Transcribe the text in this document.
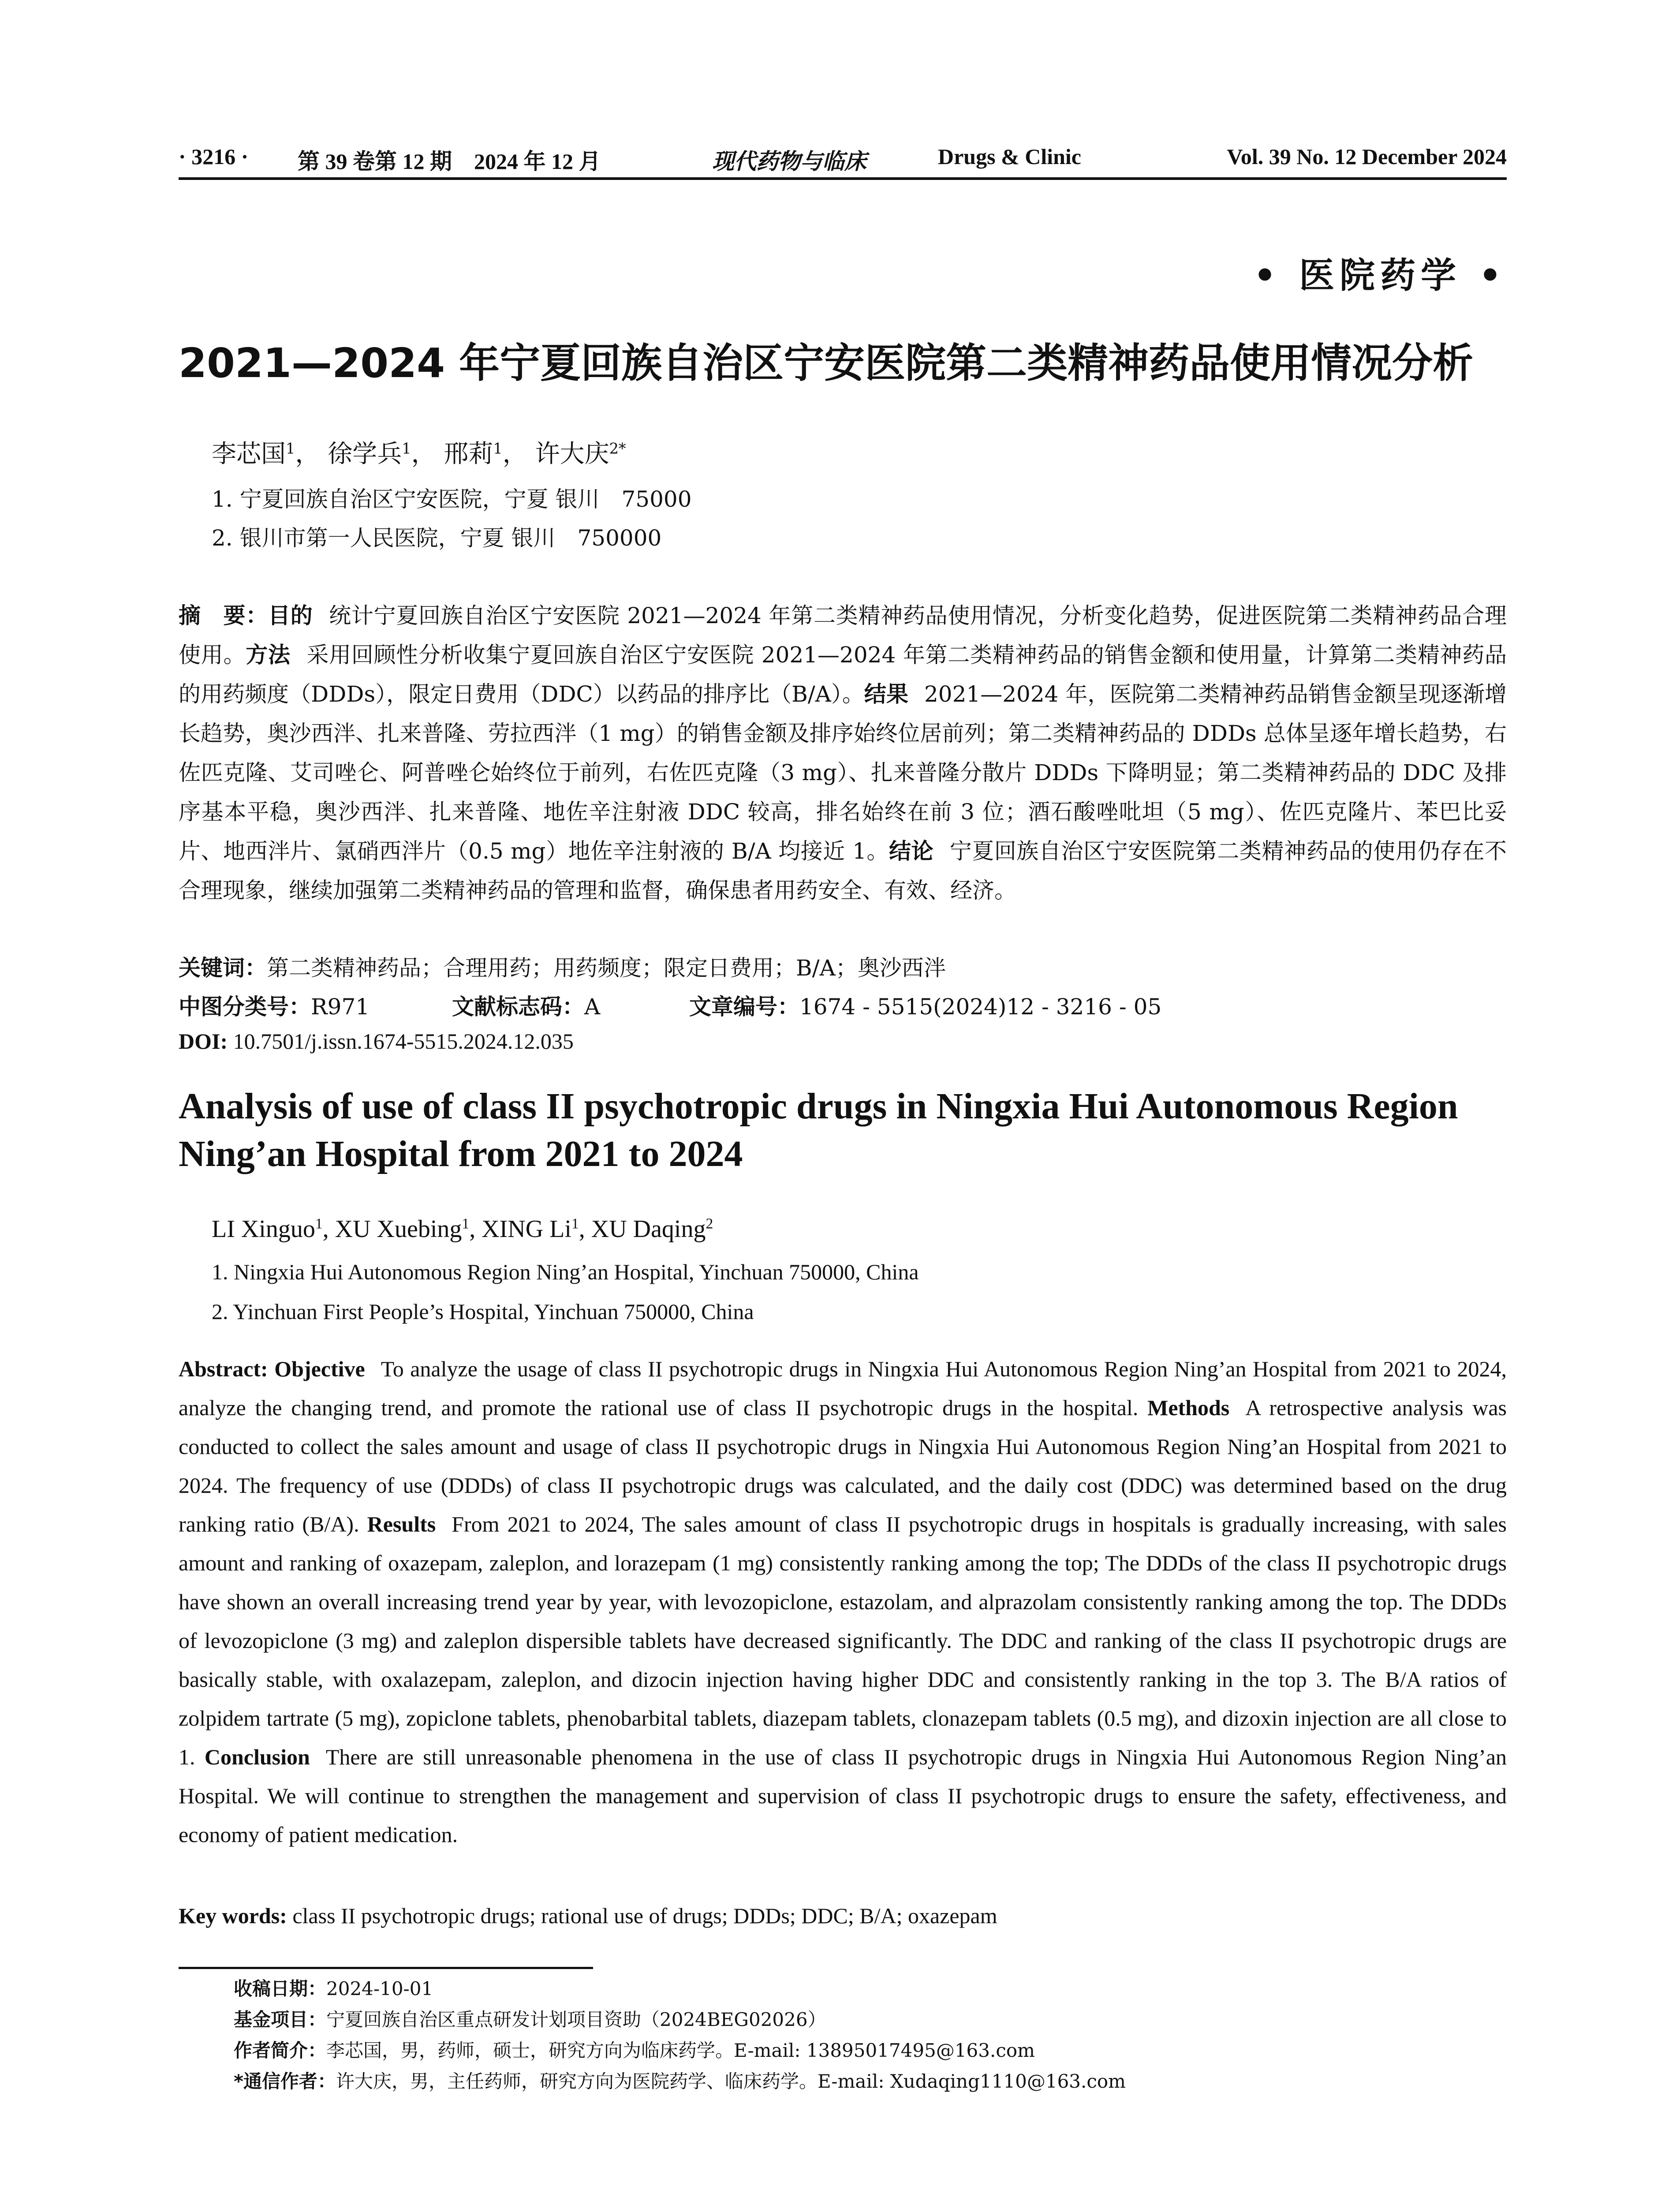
· 3216 · 第 39 卷第 12 期　2024 年 12 月	现代药物与临床	Drugs & Clinic	Vol. 39 No. 12 December 2024
• 医院药学 •
2021—2024 年宁夏回族自治区宁安医院第二类精神药品使用情况分析
李芯国$^1$， 徐学兵$^1$， 邢莉$^1$， 许大庆$^{2*}$
1. 宁夏回族自治区宁安医院，宁夏 银川　75000
2. 银川市第一人民医院，宁夏 银川　750000

摘　要：目的 统计宁夏回族自治区宁安医院 2021—2024 年第二类精神药品使用情况，分析变化趋势，促进医院第二类精神药品合理使用。方法 采用回顾性分析收集宁夏回族自治区宁安医院 2021—2024 年第二类精神药品的销售金额和使用量，计算第二类精神药品的用药频度（DDDs），限定日费用（DDC）以药品的排序比（B/A）。结果 2021—2024 年，医院第二类精神药品销售金额呈现逐渐增长趋势，奥沙西泮、扎来普隆、劳拉西泮（1 mg）的销售金额及排序始终位居前列；第二类精神药品的 DDDs 总体呈逐年增长趋势，右佐匹克隆、艾司唑仑、阿普唑仑始终位于前列，右佐匹克隆（3 mg）、扎来普隆分散片 DDDs 下降明显；第二类精神药品的 DDC 及排序基本平稳，奥沙西泮、扎来普隆、地佐辛注射液 DDC 较高，排名始终在前 3 位；酒石酸唑吡坦（5 mg）、佐匹克隆片、苯巴比妥片、地西泮片、氯硝西泮片（0.5 mg）地佐辛注射液的 B/A 均接近 1。结论 宁夏回族自治区宁安医院第二类精神药品的使用仍存在不合理现象，继续加强第二类精神药品的管理和监督，确保患者用药安全、有效、经济。

关键词：第二类精神药品；合理用药；用药频度；限定日费用；B/A；奥沙西泮
中图分类号：R971	文献标志码：A	文章编号：1674 - 5515(2024)12 - 3216 - 05
DOI: 10.7501/j.issn.1674-5515.2024.12.035
Analysis of use of class II psychotropic drugs in Ningxia Hui Autonomous Region Ning’an Hospital from 2021 to 2024
LI Xinguo$^1$, XU Xuebing$^1$, XING Li$^1$, XU Daqing$^2$
1. Ningxia Hui Autonomous Region Ning’an Hospital, Yinchuan 750000, China
2. Yinchuan First People’s Hospital, Yinchuan 750000, China

Abstract: Objective To analyze the usage of class II psychotropic drugs in Ningxia Hui Autonomous Region Ning’an Hospital from 2021 to 2024, analyze the changing trend, and promote the rational use of class II psychotropic drugs in the hospital. Methods A retrospective analysis was conducted to collect the sales amount and usage of class II psychotropic drugs in Ningxia Hui Autonomous Region Ning’an Hospital from 2021 to 2024. The frequency of use (DDDs) of class II psychotropic drugs was calculated, and the daily cost (DDC) was determined based on the drug ranking ratio (B/A). Results From 2021 to 2024, The sales amount of class II psychotropic drugs in hospitals is gradually increasing, with sales amount and ranking of oxazepam, zaleplon, and lorazepam (1 mg) consistently ranking among the top; The DDDs of the class II psychotropic drugs have shown an overall increasing trend year by year, with levozopiclone, estazolam, and alprazolam consistently ranking among the top. The DDDs of levozopiclone (3 mg) and zaleplon dispersible tablets have decreased significantly. The DDC and ranking of the class II psychotropic drugs are basically stable, with oxalazepam, zaleplon, and dizocin injection having higher DDC and consistently ranking in the top 3. The B/A ratios of zolpidem tartrate (5 mg), zopiclone tablets, phenobarbital tablets, diazepam tablets, clonazepam tablets (0.5 mg), and dizoxin injection are all close to 1. Conclusion There are still unreasonable phenomena in the use of class II psychotropic drugs in Ningxia Hui Autonomous Region Ning’an Hospital. We will continue to strengthen the management and supervision of class II psychotropic drugs to ensure the safety, effectiveness, and economy of patient medication.

Key words: class II psychotropic drugs; rational use of drugs; DDDs; DDC; B/A; oxazepam
收稿日期：2024-10-01
基金项目：宁夏回族自治区重点研发计划项目资助（2024BEG02026）
作者简介：李芯国，男，药师，硕士，研究方向为临床药学。E-mail: 13895017495@163.com
*通信作者：许大庆，男，主任药师，研究方向为医院药学、临床药学。E-mail: Xudaqing1110@163.com
